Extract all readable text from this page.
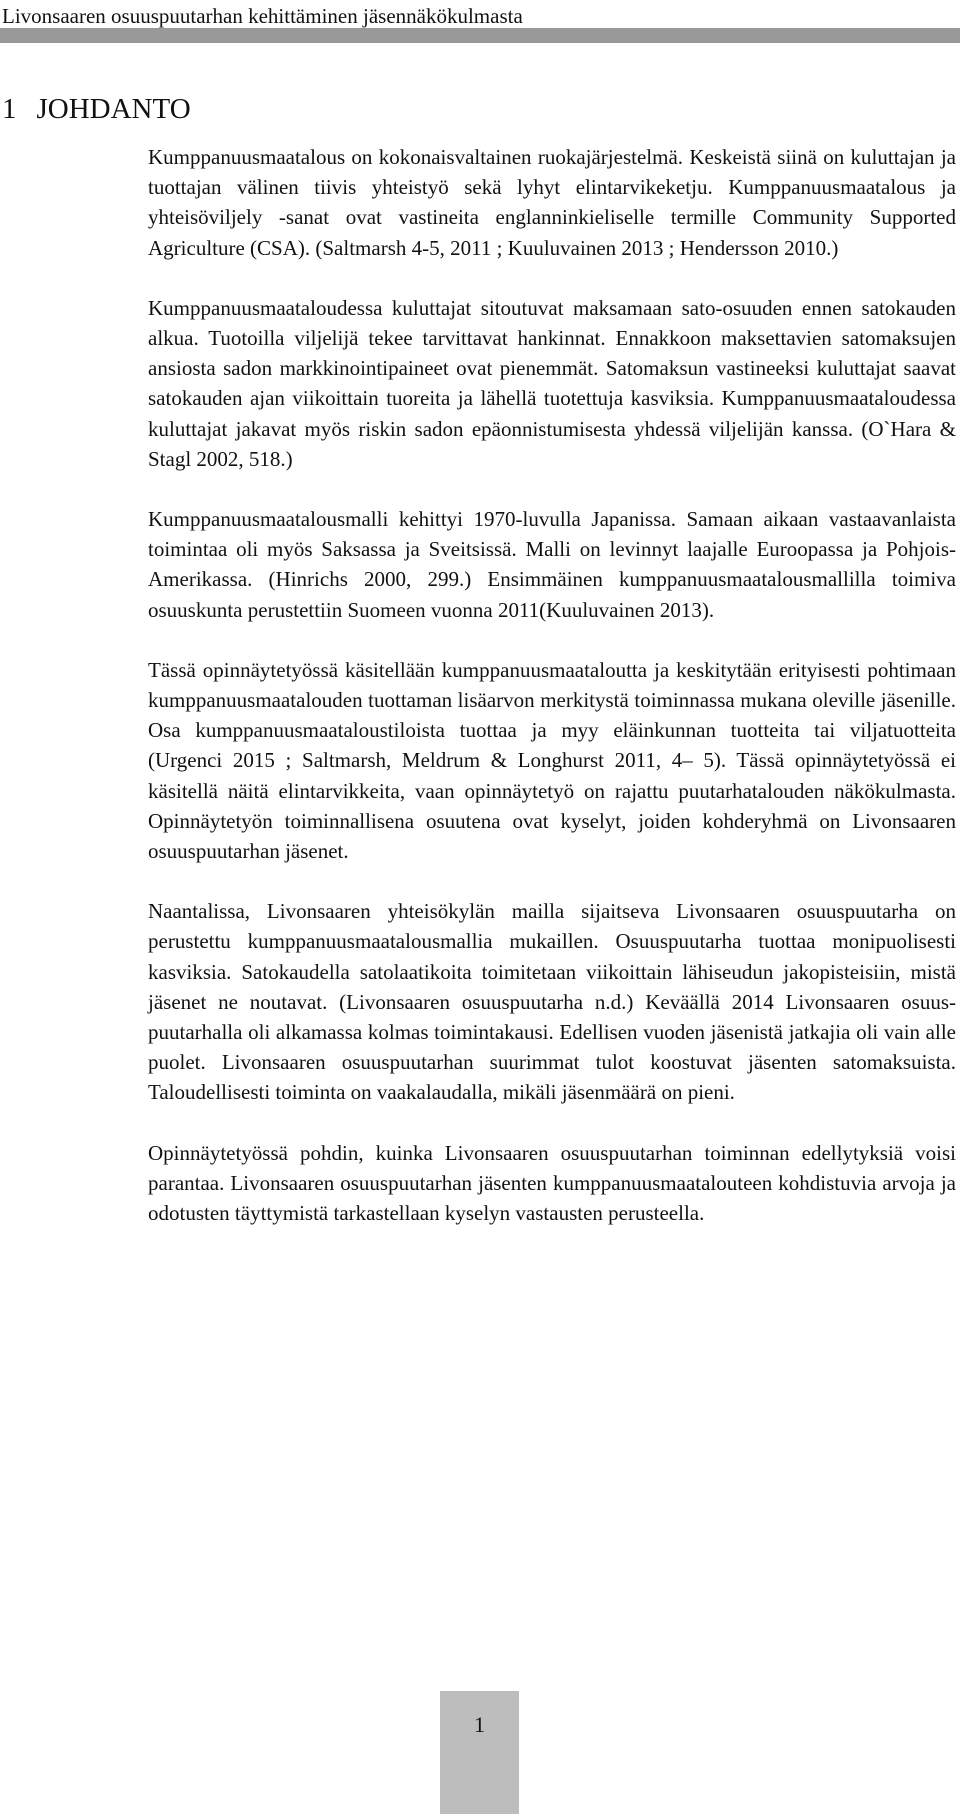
Livonsaaren osuuspuutarhan kehittäminen jäsennäkökulmasta
1 JOHDANTO

Kumppanuusmaatalous on kokonaisvaltainen ruokajärjestelmä. Keskeistä siinä on kuluttajan ja tuottajan välinen tiivis yhteistyö sekä lyhyt elintarvikeketju. Kumppanuusmaatalous ja yhteisöviljely -sanat ovat vastineita englanninkieliselle termille Community Supported Agriculture (CSA). (Saltmarsh 4-5, 2011 ; Kuuluvainen 2013 ; Hendersson 2010.)

Kumppanuusmaataloudessa kuluttajat sitoutuvat maksamaan sato-osuuden ennen satokauden alkua. Tuotoilla viljelijä tekee tarvittavat hankinnat. Ennakkoon maksettavien satomaksujen ansiosta sadon markkinointipaineet ovat pienemmät. Satomaksun vastineeksi kuluttajat saavat satokauden ajan viikoittain tuoreita ja lähellä tuotettuja kasviksia. Kumppanuusmaataloudessa kuluttajat jakavat myös riskin sadon epäonnistumisesta yhdessä viljelijän kanssa. (O`Hara & Stagl 2002, 518.)

Kumppanuusmaatalousmalli kehittyi 1970-luvulla Japanissa. Samaan aikaan vastaavanlaista toimintaa oli myös Saksassa ja Sveitsissä. Malli on levinnyt laajalle Euroopassa ja Pohjois-Amerikassa. (Hinrichs 2000, 299.) Ensimmäinen kumppanuusmaatalousmallilla toimiva osuuskunta perustettiin Suomeen vuonna 2011(Kuuluvainen 2013).

Tässä opinnäytetyössä käsitellään kumppanuusmaataloutta ja keskitytään erityisesti pohtimaan kumppanuusmaatalouden tuottaman lisäarvon merkitystä toiminnassa mukana oleville jäsenille. Osa kumppanuusmaataloustiloista tuottaa ja myy eläinkunnan tuotteita tai viljatuotteita (Urgenci 2015 ; Saltmarsh, Meldrum & Longhurst 2011, 4– 5). Tässä opinnäytetyössä ei käsitellä näitä elintarvikkeita, vaan opinnäytetyö on rajattu puutarhatalouden näkökulmasta. Opinnäytetyön toiminnallisena osuutena ovat kyselyt, joiden kohderyhmä on Livonsaaren osuuspuutarhan jäsenet.

Naantalissa, Livonsaaren yhteisökylän mailla sijaitseva Livonsaaren osuuspuutarha on perustettu kumppanuusmaatalousmallia mukaillen. Osuuspuutarha tuottaa monipuolisesti kasviksia. Satokaudella satolaatikoita toimitetaan viikoittain lähiseudun jakopisteisiin, mistä jäsenet ne noutavat. (Livonsaaren osuuspuutarha n.d.) Keväällä 2014 Livonsaaren osuuspuutarhalla oli alkamassa kolmas toimintakausi. Edellisen vuoden jäsenistä jatkajia oli vain alle puolet. Livonsaaren osuuspuutarhan suurimmat tulot koostuvat jäsenten satomaksuista. Taloudellisesti toiminta on vaakalaudalla, mikäli jäsenmäärä on pieni.

Opinnäytetyössä pohdin, kuinka Livonsaaren osuuspuutarhan toiminnan edellytyksiä voisi parantaa. Livonsaaren osuuspuutarhan jäsenten kumppanuusmaatalouteen kohdistuvia arvoja ja odotusten täyttymistä tarkastellaan kyselyn vastausten perusteella.

1
